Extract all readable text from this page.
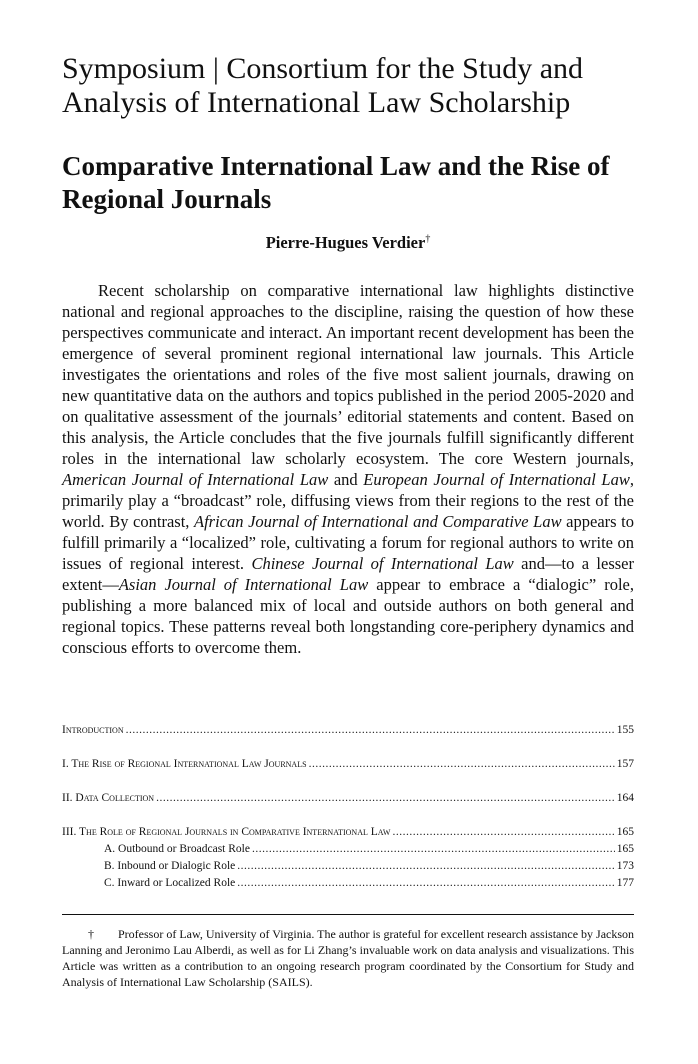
Symposium | Consortium for the Study and Analysis of International Law Scholarship
Comparative International Law and the Rise of Regional Journals
Pierre-Hugues Verdier†

Recent scholarship on comparative international law highlights distinctive national and regional approaches to the discipline, raising the question of how these perspectives communicate and interact. An important recent development has been the emergence of several prominent regional international law journals. This Article investigates the orientations and roles of the five most salient journals, drawing on new quantitative data on the authors and topics published in the period 2005-2020 and on qualitative assessment of the journals’ editorial statements and content. Based on this analysis, the Article concludes that the five journals fulfill significantly different roles in the international law scholarly ecosystem. The core Western journals, American Journal of International Law and European Journal of International Law, primarily play a “broadcast” role, diffusing views from their regions to the rest of the world. By contrast, African Journal of International and Comparative Law appears to fulfill primarily a “localized” role, cultivating a forum for regional authors to write on issues of regional interest. Chinese Journal of International Law and—to a lesser extent—Asian Journal of International Law appear to embrace a “dialogic” role, publishing a more balanced mix of local and outside authors on both general and regional topics. These patterns reveal both longstanding core-periphery dynamics and conscious efforts to overcome them.

Introduction .....	155
I. The Rise of Regional International Law Journals .....	157
II. Data Collection .....	164
III. The Role of Regional Journals in Comparative International Law .....	165
A. Outbound or Broadcast Role .....	165
B. Inbound or Dialogic Role .....	173
C. Inward or Localized Role .....	177

† Professor of Law, University of Virginia. The author is grateful for excellent research assistance by Jackson Lanning and Jeronimo Lau Alberdi, as well as for Li Zhang’s invaluable work on data analysis and visualizations. This Article was written as a contribution to an ongoing research program coordinated by the Consortium for Study and Analysis of International Law Scholarship (SAILS).
